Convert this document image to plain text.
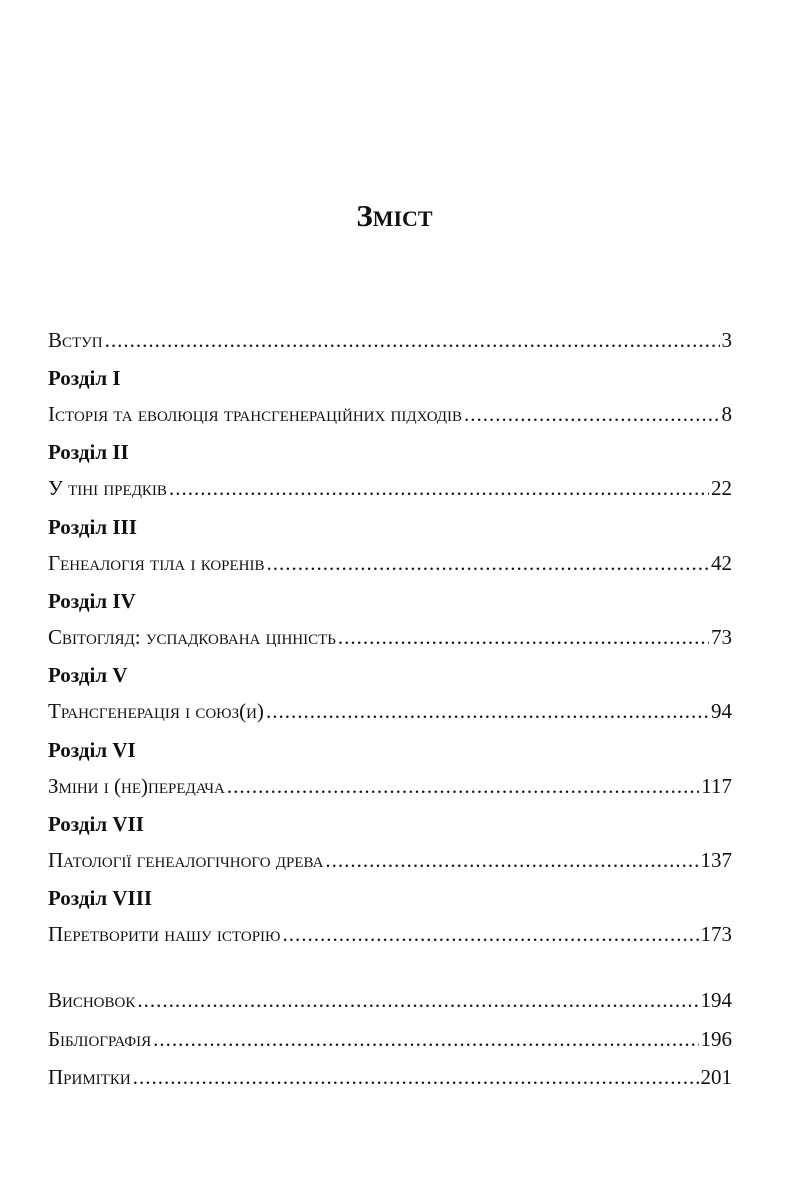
Зміст
Вступ .....	3
Розділ I
Історія та еволюція трансгенераційних підходів .....	8
Розділ II
У тіні предків .....	22
Розділ III
Генеалогія тіла і коренів .....	42
Розділ IV
Світогляд: успадкована цінність .....	73
Розділ V
Трансгенерація і союз(и) .....	94
Розділ VI
Зміни і (не)передача .....	117
Розділ VII
Патології генеалогічного древа .....	137
Розділ VIII
Перетворити нашу історію .....	173
Висновок .....	194
Бібліографія .....	196
Примітки .....	201
